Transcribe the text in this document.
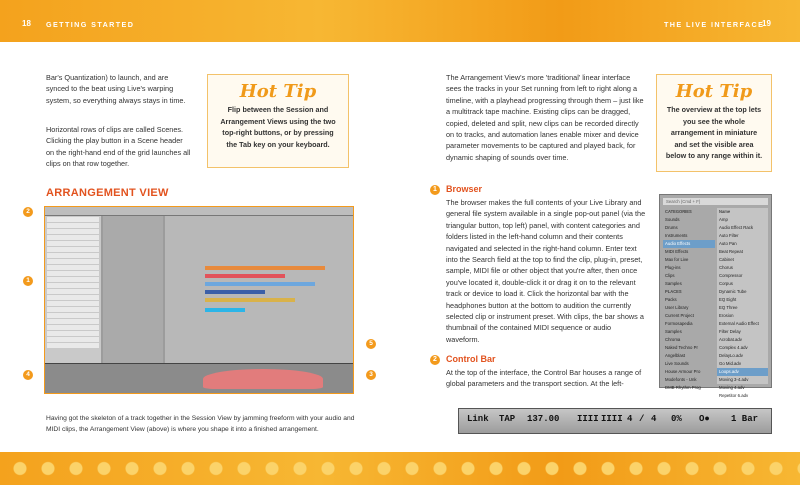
18 GETTING STARTED	THE LIVE INTERFACE
19
Bar's Quantization) to launch, and are synced to the beat using Live's warping system, so everything always stays in time.
Horizontal rows of clips are called Scenes. Clicking the play button in a Scene header on the right-hand end of the grid launches all clips on that row together.
Hot Tip
Flip between the Session and Arrangement Views using the two top-right buttons, or by pressing the Tab key on your keyboard.
ARRANGEMENT VIEW
2
1
4
5
3
Having got the skeleton of a track together in the Session View by jamming freeform with your audio and MIDI clips, the Arrangement View (above) is where you shape it into a finished arrangement.
The Arrangement View's more 'traditional' linear interface sees the tracks in your Set running from left to right along a timeline, with a playhead progressing through them – just like a multitrack tape machine. Existing clips can be dragged, copied, deleted and split, new clips can be recorded directly on to tracks, and automation lanes enable mixer and device parameter movements to be captured and played back, for dynamic shaping of sounds over time.
Hot Tip
The overview at the top lets you see the whole arrangement in miniature and set the visible area below to any range within it.
1	Browser
The browser makes the full contents of your Live Library and general file system available in a single pop-out panel (via the triangular button, top left) panel, with content categories and folders listed in the left-hand column and their contents navigated and selected in the right-hand column. Enter text into the Search field at the top to find the clip, plug-in, preset, sample, MIDI file or other object that you're after, then once you've located it, double-click it or drag it on to the relevant track or device to load it. Click the horizontal bar with the headphones button at the bottom to audition the currently selected clip or instrument preset. With clips, the bar shows a thumbnail of the contained MIDI sequence or audio waveform.
2	Control Bar
At the top of the interface, the Control Bar houses a range of global parameters and the transport section. At the left-
Search (Cmd + F)
CATEGORIES
Sounds
Drums
Instruments
Audio Effects
MIDI Effects
Max for Live
Plug-ins
Clips
Samples
PLACES
Packs
User Library
Current Project
Formosapedia
Samples
Chroma
Naked Techno Pr
Angelblast
Live Sounds
House Armour Pro
Modefonts - Unk
DMB Rhythm Prog
Name
Amp
Audio Effect Rack
Auto Filter
Auto Pan
Beat Repeat
Cabinet
Chorus
Compressor
Corpus
Dynamic Tube
EQ Eight
EQ Three
Erosion
External Audio Effect
Filter Delay
Acrobat.adv
Complex 4.adv
DelayLo.adv
Go Mid.adv
Loops.adv
Moving 3-4.adv
Moving 4.adv
Repetitor 6.adv
Link TAP 137.00 IIII IIII 4 / 4 0% O● 1 Bar
